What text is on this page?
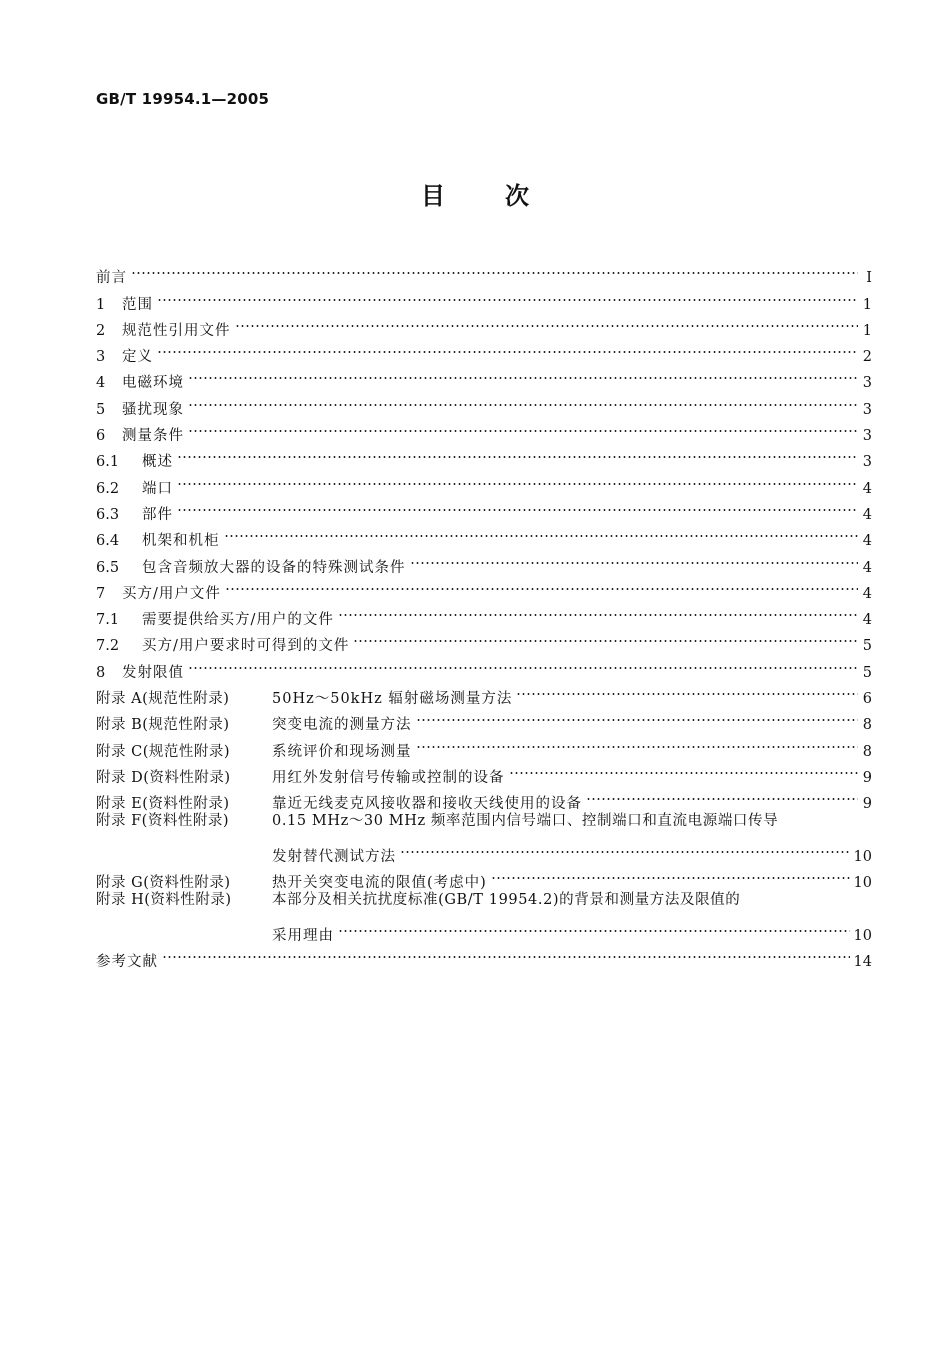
GB/T 19954.1—2005
目次
前言	I
1	范围	1
2	规范性引用文件	1
3	定义	2
4	电磁环境	3
5	骚扰现象	3
6	测量条件	3
6.1	概述	3
6.2	端口	4
6.3	部件	4
6.4	机架和机柜	4
6.5	包含音频放大器的设备的特殊测试条件	4
7	买方/用户文件	4
7.1	需要提供给买方/用户的文件	4
7.2	买方/用户要求时可得到的文件	5
8	发射限值	5
附录 A(规范性附录)	50Hz～50kHz 辐射磁场测量方法	6
附录 B(规范性附录)	突变电流的测量方法	8
附录 C(规范性附录)	系统评价和现场测量	8
附录 D(资料性附录)	用红外发射信号传输或控制的设备	9
附录 E(资料性附录)	靠近无线麦克风接收器和接收天线使用的设备	9
附录 F(资料性附录)	0.15 MHz～30 MHz 频率范围内信号端口、控制端口和直流电源端口传导
发射替代测试方法	10
附录 G(资料性附录)	热开关突变电流的限值(考虑中)	10
附录 H(资料性附录)	本部分及相关抗扰度标准(GB/T 19954.2)的背景和测量方法及限值的
采用理由	10
参考文献	14
